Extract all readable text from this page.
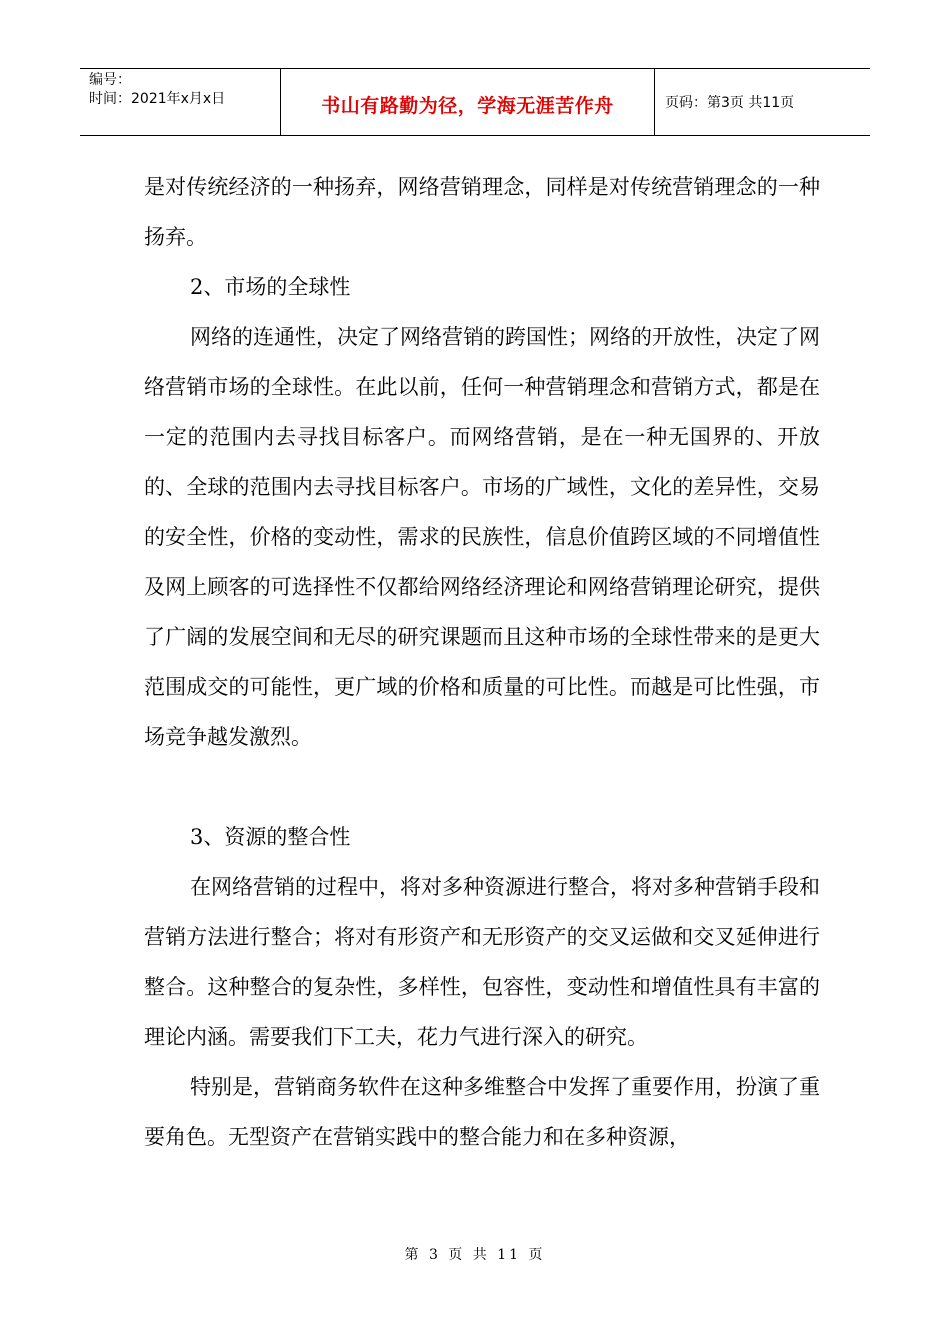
编号：
时间：2021年x月x日	书山有路勤为径，学海无涯苦作舟	页码：第3页 共11页

是对传统经济的一种扬弃，网络营销理念，同样是对传统营销理念的一种扬弃。

2、市场的全球性

网络的连通性，决定了网络营销的跨国性；网络的开放性，决定了网络营销市场的全球性。在此以前，任何一种营销理念和营销方式，都是在一定的范围内去寻找目标客户。而网络营销，是在一种无国界的、开放的、全球的范围内去寻找目标客户。市场的广域性，文化的差异性，交易的安全性，价格的变动性，需求的民族性，信息价值跨区域的不同增值性及网上顾客的可选择性不仅都给网络经济理论和网络营销理论研究，提供了广阔的发展空间和无尽的研究课题而且这种市场的全球性带来的是更大范围成交的可能性，更广域的价格和质量的可比性。而越是可比性强，市场竞争越发激烈。

3、资源的整合性

在网络营销的过程中，将对多种资源进行整合，将对多种营销手段和营销方法进行整合；将对有形资产和无形资产的交叉运做和交叉延伸进行整合。这种整合的复杂性，多样性，包容性，变动性和增值性具有丰富的理论内涵。需要我们下工夫，花力气进行深入的研究。

特别是，营销商务软件在这种多维整合中发挥了重要作用，扮演了重要角色。无型资产在营销实践中的整合能力和在多种资源，

第 3 页 共 11 页
